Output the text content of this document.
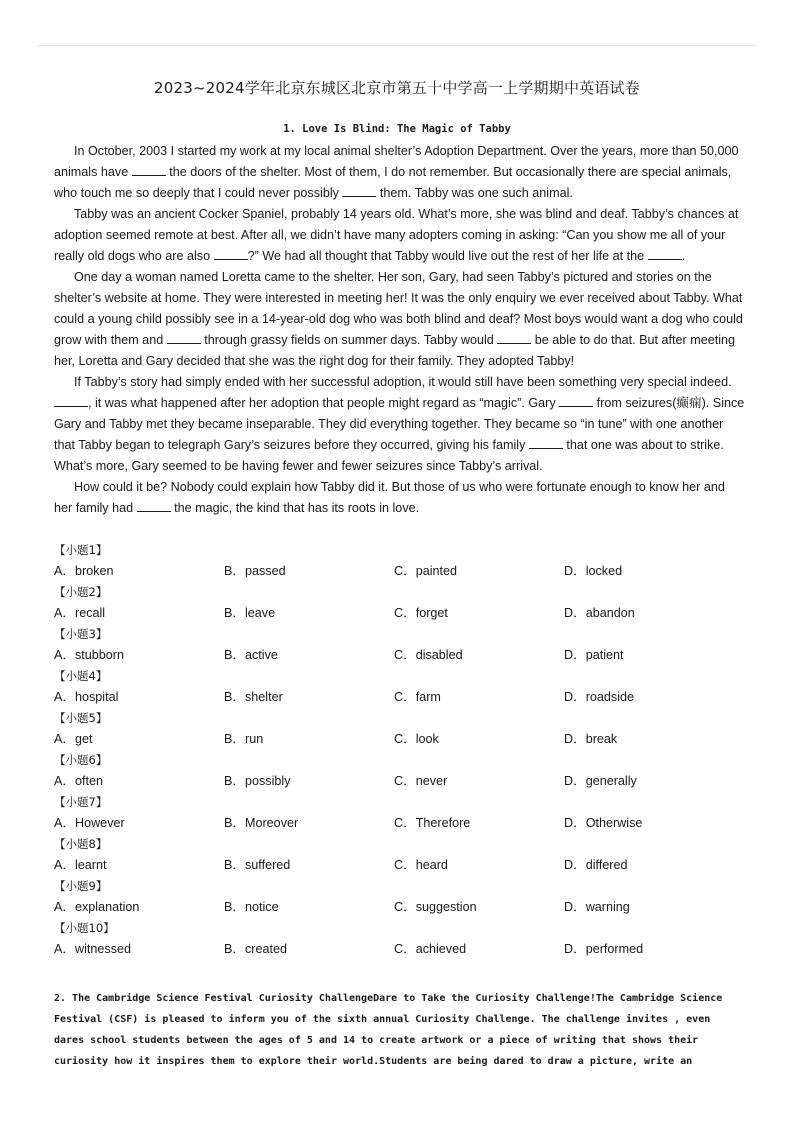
2023~2024学年北京东城区北京市第五十中学高一上学期期中英语试卷
1. Love Is Blind: The Magic of Tabby

In October, 2003 I started my work at my local animal shelter’s Adoption Department. Over the years, more than 50,000 animals have	the doors of the shelter. Most of them, I do not remember. But occasionally there are special animals, who touch me so deeply that I could never possibly	them. Tabby was one such animal.

Tabby was an ancient Cocker Spaniel, probably 14 years old. What’s more, she was blind and deaf. Tabby’s chances at adoption seemed remote at best. After all, we didn’t have many adopters coming in asking: “Can you show me all of your really old dogs who are also	?” We had all thought that Tabby would live out the rest of her life at the	.

One day a woman named Loretta came to the shelter. Her son, Gary, had seen Tabby’s pictured and stories on the shelter’s website at home. They were interested in meeting her! It was the only enquiry we ever received about Tabby. What could a young child possibly see in a 14-year-old dog who was both blind and deaf? Most boys would want a dog who could grow with them and	through grassy fields on summer days. Tabby would	be able to do that. But after meeting her, Loretta and Gary decided that she was the right dog for their family. They adopted Tabby!

If Tabby’s story had simply ended with her successful adoption, it would still have been something very special indeed. , it was what happened after her adoption that people might regard as “magic”. Gary	from seizures(癫痫). Since Gary and Tabby met they became inseparable. They did everything together. They became so “in tune” with one another that Tabby began to telegraph Gary’s seizures before they occurred, giving his family	that one was about to strike. What’s more, Gary seemed to be having fewer and fewer seizures since Tabby’s arrival.

How could it be? Nobody could explain how Tabby did it. But those of us who were fortunate enough to know her and her family had	the magic, the kind that has its roots in love.

【小题1】
A．broken	B．passed	C．painted	D．locked
【小题2】
A．recall	B．leave	C．forget	D．abandon
【小题3】
A．stubborn	B．active	C．disabled	D．patient
【小题4】
A．hospital	B．shelter	C．farm	D．roadside
【小题5】
A．get	B．run	C．look	D．break
【小题6】
A．often	B．possibly	C．never	D．generally
【小题7】
A．However	B．Moreover	C．Therefore	D．Otherwise
【小题8】
A．learnt	B．suffered	C．heard	D．differed
【小题9】
A．explanation	B．notice	C．suggestion	D．warning
【小题10】
A．witnessed	B．created	C．achieved	D．performed
2. The Cambridge Science Festival Curiosity ChallengeDare to Take the Curiosity Challenge!The Cambridge Science Festival (CSF) is pleased to inform you of the sixth annual Curiosity Challenge. The challenge invites , even dares school students between the ages of 5 and 14 to create artwork or a piece of writing that shows their curiosity how it inspires them to explore their world.Students are being dared to draw a picture, write an
